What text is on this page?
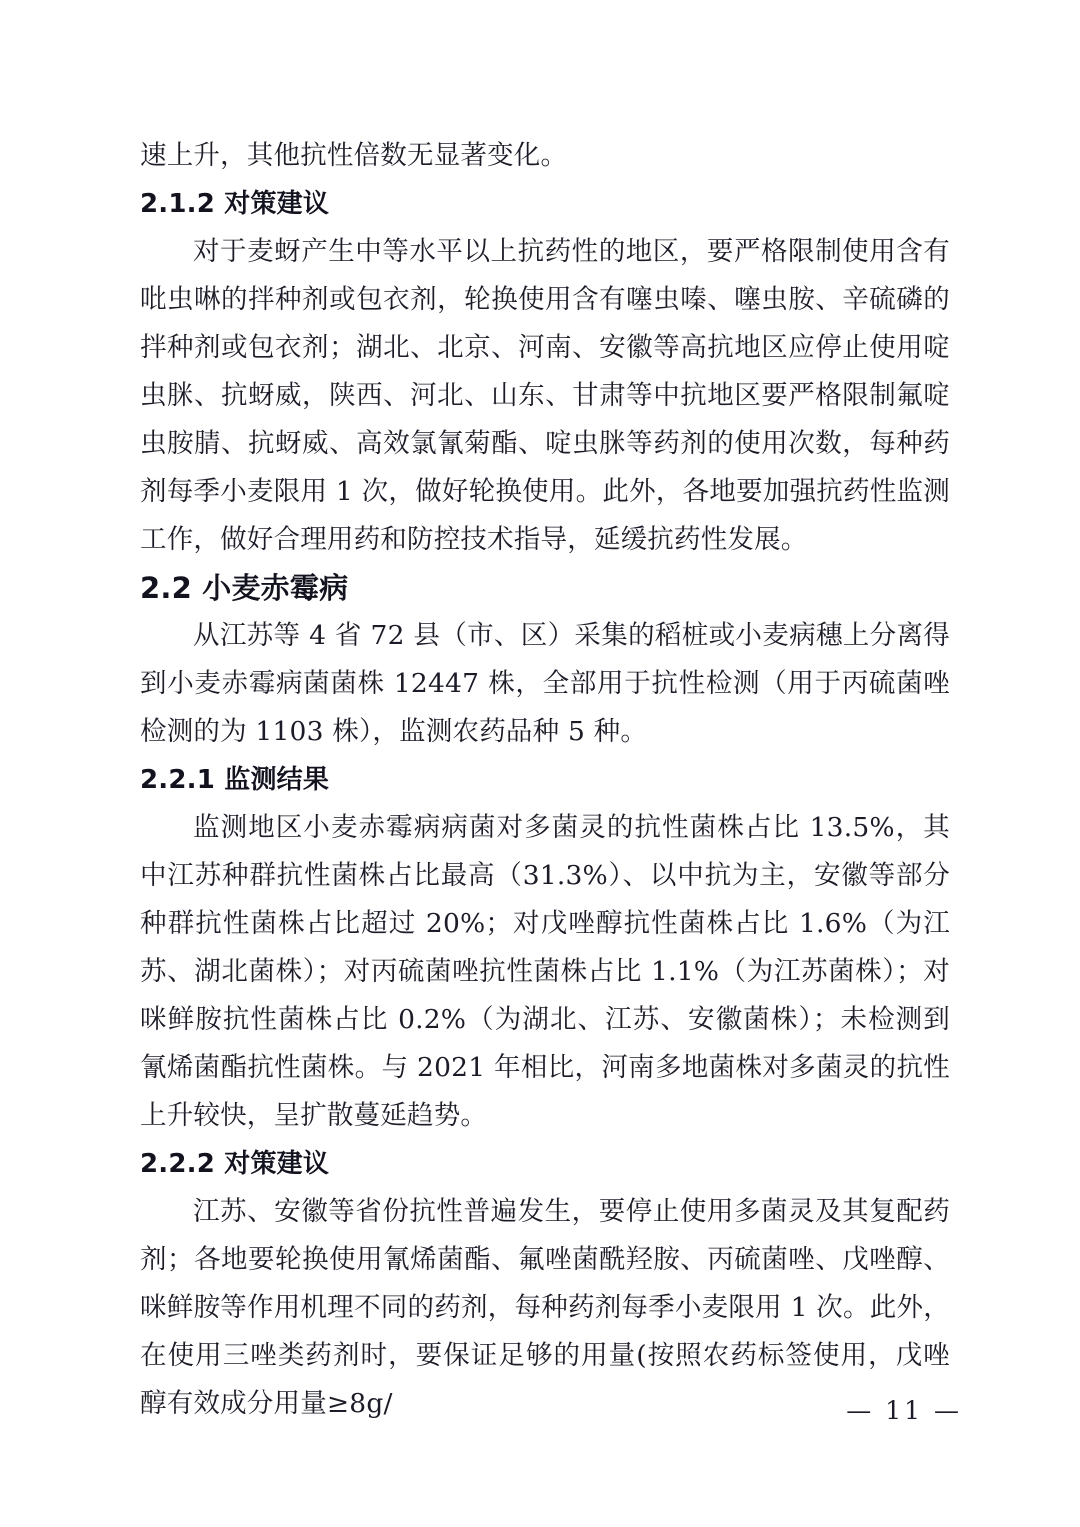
速上升，其他抗性倍数无显著变化。

2.1.2 对策建议

对于麦蚜产生中等水平以上抗药性的地区，要严格限制使用含有吡虫啉的拌种剂或包衣剂，轮换使用含有噻虫嗪、噻虫胺、辛硫磷的拌种剂或包衣剂；湖北、北京、河南、安徽等高抗地区应停止使用啶虫脒、抗蚜威，陕西、河北、山东、甘肃等中抗地区要严格限制氟啶虫胺腈、抗蚜威、高效氯氰菊酯、啶虫脒等药剂的使用次数，每种药剂每季小麦限用 1 次，做好轮换使用。此外，各地要加强抗药性监测工作，做好合理用药和防控技术指导，延缓抗药性发展。

2.2 小麦赤霉病

从江苏等 4 省 72 县（市、区）采集的稻桩或小麦病穗上分离得到小麦赤霉病菌菌株 12447 株，全部用于抗性检测（用于丙硫菌唑检测的为 1103 株），监测农药品种 5 种。

2.2.1 监测结果

监测地区小麦赤霉病病菌对多菌灵的抗性菌株占比 13.5%，其中江苏种群抗性菌株占比最高（31.3%）、以中抗为主，安徽等部分种群抗性菌株占比超过 20%；对戊唑醇抗性菌株占比 1.6%（为江苏、湖北菌株）；对丙硫菌唑抗性菌株占比 1.1%（为江苏菌株）；对咪鲜胺抗性菌株占比 0.2%（为湖北、江苏、安徽菌株）；未检测到氰烯菌酯抗性菌株。与 2021 年相比，河南多地菌株对多菌灵的抗性上升较快，呈扩散蔓延趋势。

2.2.2 对策建议

江苏、安徽等省份抗性普遍发生，要停止使用多菌灵及其复配药剂；各地要轮换使用氰烯菌酯、氟唑菌酰羟胺、丙硫菌唑、戊唑醇、咪鲜胺等作用机理不同的药剂，每种药剂每季小麦限用 1 次。此外，在使用三唑类药剂时，要保证足够的用量(按照农药标签使用，戊唑醇有效成分用量≥8g/	— 11 —
